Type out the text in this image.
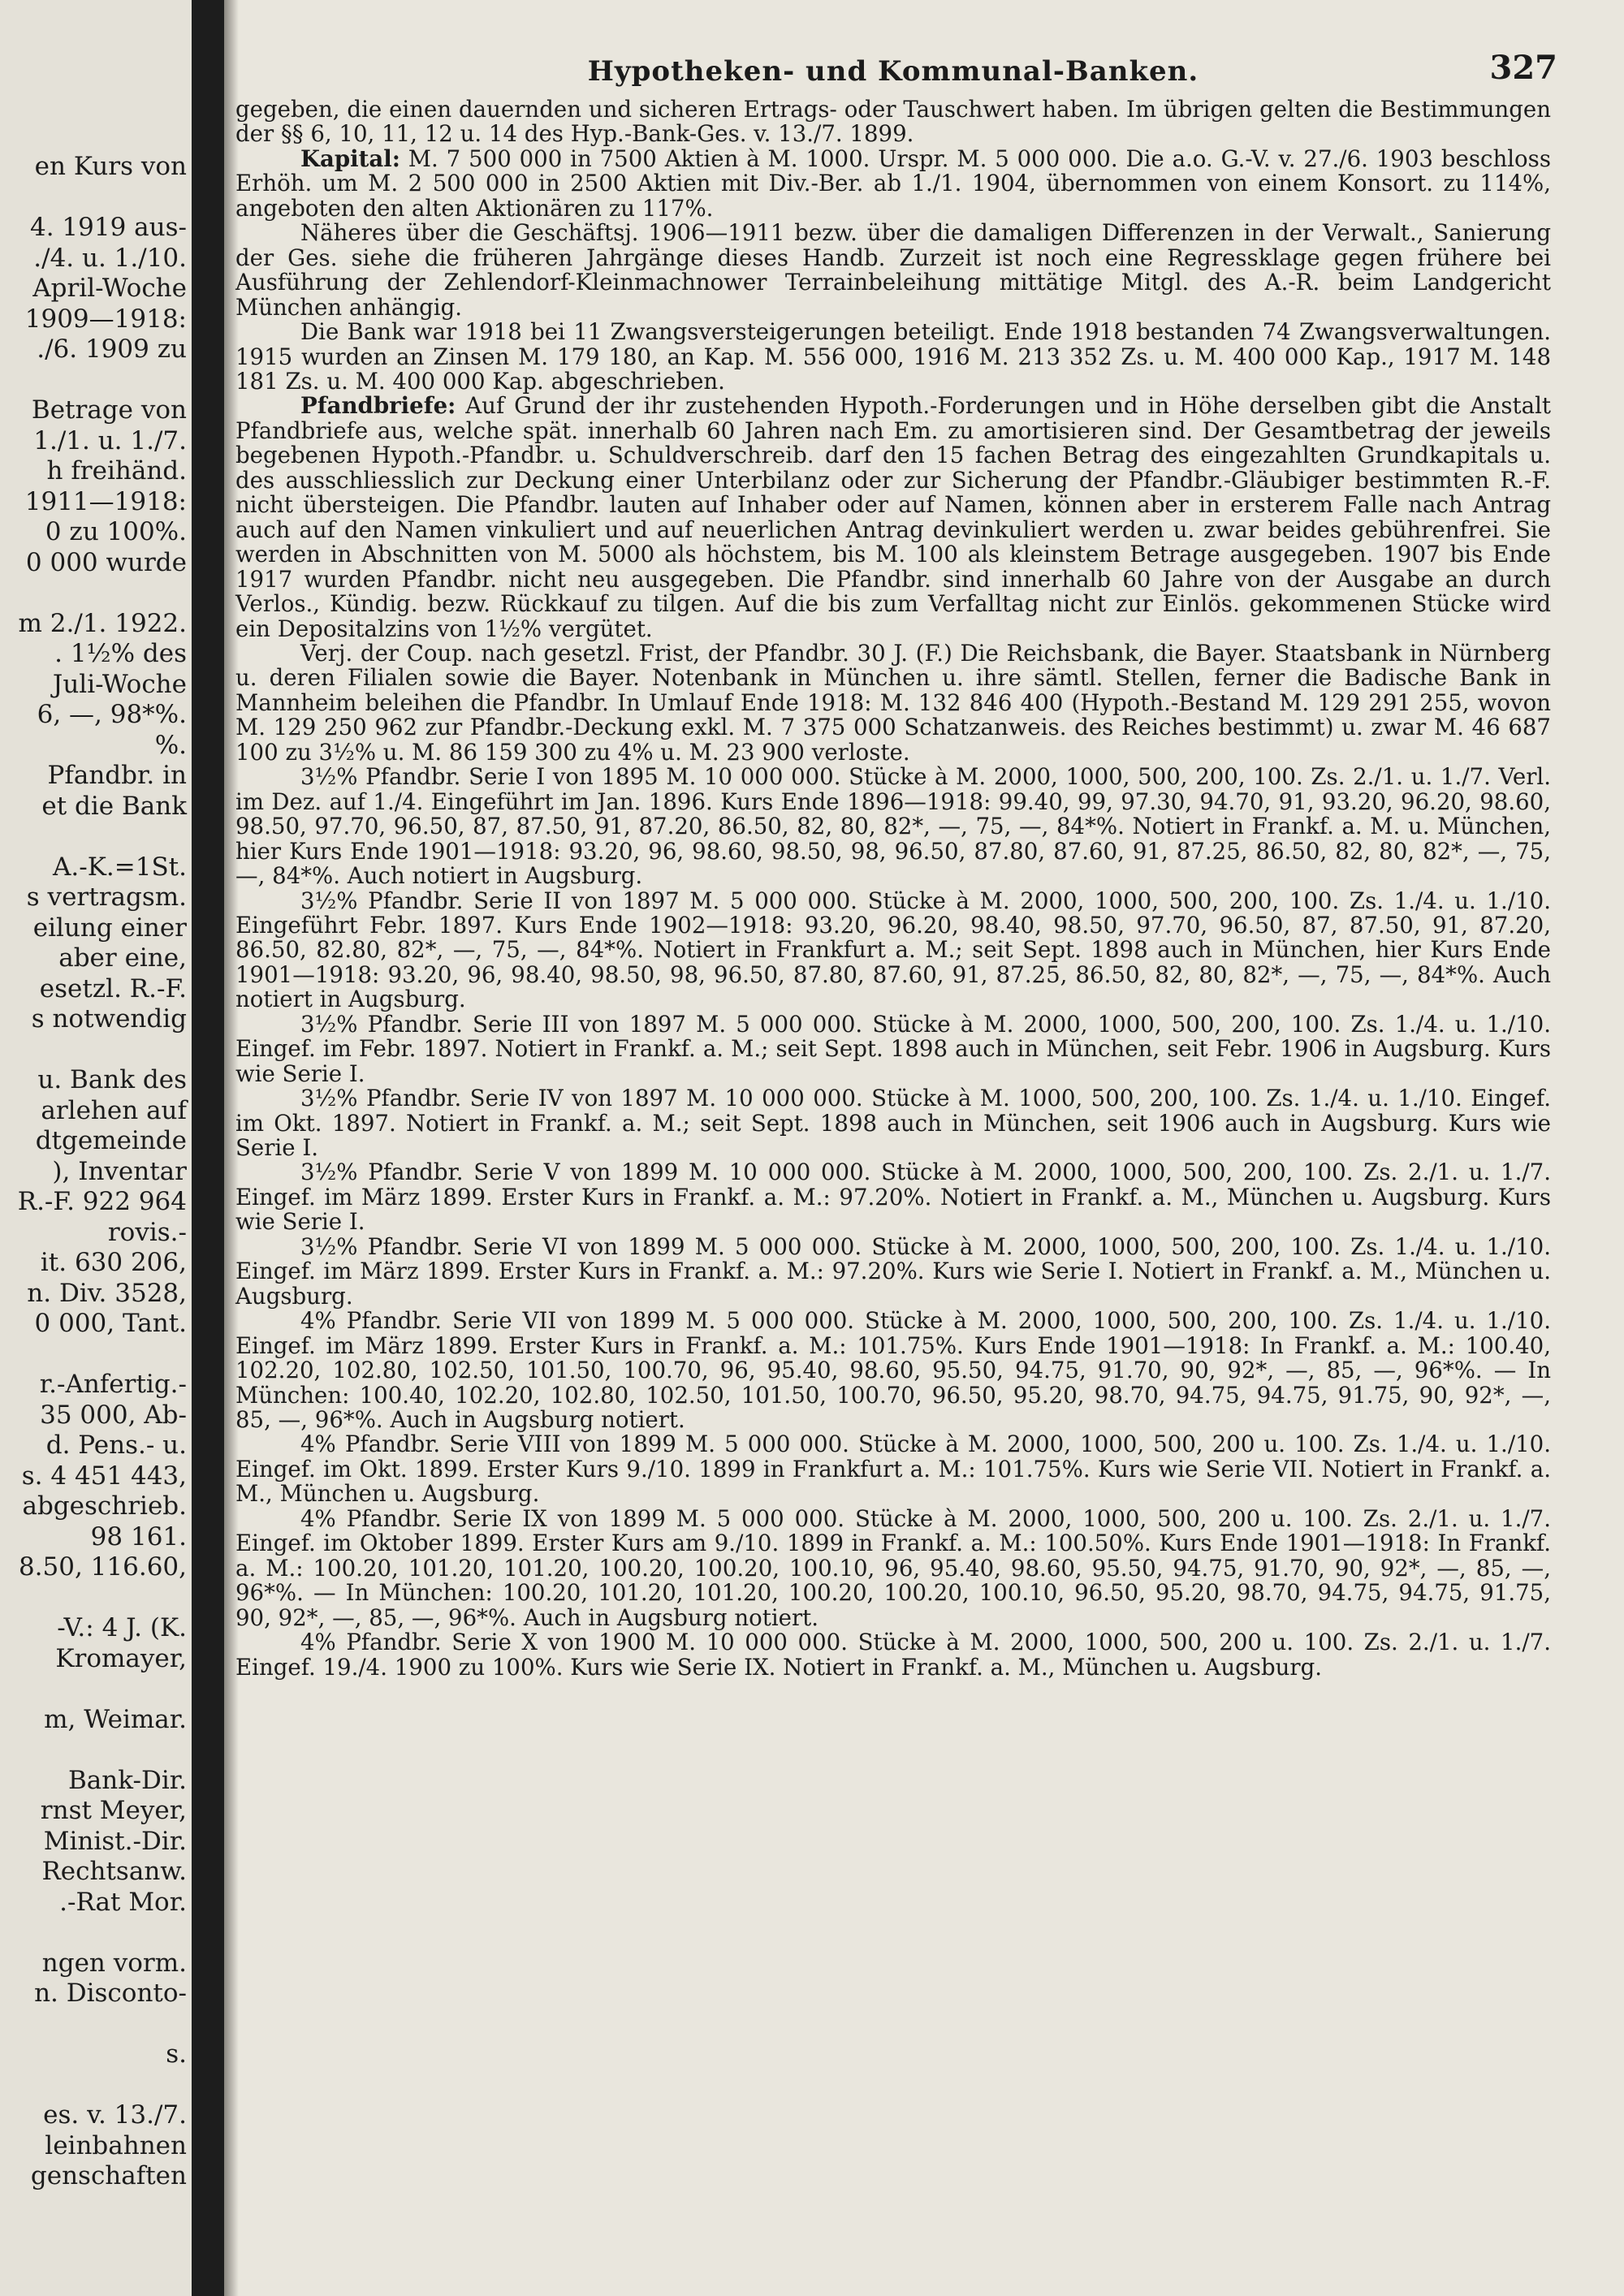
en Kurs von
4. 1919 aus-
./4. u. 1./10.
April-Woche
1909—1918:
./6. 1909 zu
Betrage von
1./1. u. 1./7.
h freihänd.
1911—1918:
0 zu 100%.
0 000 wurde
m 2./1. 1922.
. 1½% des
Juli-Woche
6, —, 98*%.
%.
Pfandbr. in
et die Bank
A.-K.=1St.
s vertragsm.
eilung einer
aber eine,
esetzl. R.-F.
s notwendig
u. Bank des
arlehen auf
dtgemeinde
), Inventar
R.-F. 922 964
rovis.-
it. 630 206,
n. Div. 3528,
0 000, Tant.
r.-Anfertig.-
35 000, Ab-
d. Pens.- u.
s. 4 451 443,
abgeschrieb.
98 161.
8.50, 116.60,
-V.: 4 J. (K.
Kromayer,
m, Weimar.
Bank-Dir.
rnst Meyer,
Minist.-Dir.
Rechtsanw.
.-Rat Mor.
ngen vorm.
n. Disconto-
s.
es. v. 13./7.
leinbahnen
genschaften
Hypotheken- und Kommunal-Banken.	327

gegeben, die einen dauernden und sicheren Ertrags- oder Tauschwert haben. Im übrigen gelten die Bestimmungen der §§ 6, 10, 11, 12 u. 14 des Hyp.-Bank-Ges. v. 13./7. 1899.

Kapital: M. 7 500 000 in 7500 Aktien à M. 1000. Urspr. M. 5 000 000. Die a.o. G.-V. v. 27./6. 1903 beschloss Erhöh. um M. 2 500 000 in 2500 Aktien mit Div.-Ber. ab 1./1. 1904, übernommen von einem Konsort. zu 114%, angeboten den alten Aktionären zu 117%.

Näheres über die Geschäftsj. 1906—1911 bezw. über die damaligen Differenzen in der Verwalt., Sanierung der Ges. siehe die früheren Jahrgänge dieses Handb. Zurzeit ist noch eine Regressklage gegen frühere bei Ausführung der Zehlendorf-Kleinmachnower Terrainbeleihung mittätige Mitgl. des A.-R. beim Landgericht München anhängig.

Die Bank war 1918 bei 11 Zwangsversteigerungen beteiligt. Ende 1918 bestanden 74 Zwangsverwaltungen. 1915 wurden an Zinsen M. 179 180, an Kap. M. 556 000, 1916 M. 213 352 Zs. u. M. 400 000 Kap., 1917 M. 148 181 Zs. u. M. 400 000 Kap. abgeschrieben.

Pfandbriefe: Auf Grund der ihr zustehenden Hypoth.-Forderungen und in Höhe derselben gibt die Anstalt Pfandbriefe aus, welche spät. innerhalb 60 Jahren nach Em. zu amortisieren sind. Der Gesamtbetrag der jeweils begebenen Hypoth.-Pfandbr. u. Schuldverschreib. darf den 15 fachen Betrag des eingezahlten Grundkapitals u. des ausschliesslich zur Deckung einer Unterbilanz oder zur Sicherung der Pfandbr.-Gläubiger bestimmten R.-F. nicht übersteigen. Die Pfandbr. lauten auf Inhaber oder auf Namen, können aber in ersterem Falle nach Antrag auch auf den Namen vinkuliert und auf neuerlichen Antrag devinkuliert werden u. zwar beides gebührenfrei. Sie werden in Abschnitten von M. 5000 als höchstem, bis M. 100 als kleinstem Betrage ausgegeben. 1907 bis Ende 1917 wurden Pfandbr. nicht neu ausgegeben. Die Pfandbr. sind innerhalb 60 Jahre von der Ausgabe an durch Verlos., Kündig. bezw. Rückkauf zu tilgen. Auf die bis zum Verfalltag nicht zur Einlös. gekommenen Stücke wird ein Depositalzins von 1½% vergütet.

Verj. der Coup. nach gesetzl. Frist, der Pfandbr. 30 J. (F.) Die Reichsbank, die Bayer. Staatsbank in Nürnberg u. deren Filialen sowie die Bayer. Notenbank in München u. ihre sämtl. Stellen, ferner die Badische Bank in Mannheim beleihen die Pfandbr. In Umlauf Ende 1918: M. 132 846 400 (Hypoth.-Bestand M. 129 291 255, wovon M. 129 250 962 zur Pfandbr.-Deckung exkl. M. 7 375 000 Schatzanweis. des Reiches bestimmt) u. zwar M. 46 687 100 zu 3½% u. M. 86 159 300 zu 4% u. M. 23 900 verloste.

3½% Pfandbr. Serie I von 1895 M. 10 000 000. Stücke à M. 2000, 1000, 500, 200, 100. Zs. 2./1. u. 1./7. Verl. im Dez. auf 1./4. Eingeführt im Jan. 1896. Kurs Ende 1896—1918: 99.40, 99, 97.30, 94.70, 91, 93.20, 96.20, 98.60, 98.50, 97.70, 96.50, 87, 87.50, 91, 87.20, 86.50, 82, 80, 82*, —, 75, —, 84*%. Notiert in Frankf. a. M. u. München, hier Kurs Ende 1901—1918: 93.20, 96, 98.60, 98.50, 98, 96.50, 87.80, 87.60, 91, 87.25, 86.50, 82, 80, 82*, —, 75, —, 84*%. Auch notiert in Augsburg.

3½% Pfandbr. Serie II von 1897 M. 5 000 000. Stücke à M. 2000, 1000, 500, 200, 100. Zs. 1./4. u. 1./10. Eingeführt Febr. 1897. Kurs Ende 1902—1918: 93.20, 96.20, 98.40, 98.50, 97.70, 96.50, 87, 87.50, 91, 87.20, 86.50, 82.80, 82*, —, 75, —, 84*%. Notiert in Frankfurt a. M.; seit Sept. 1898 auch in München, hier Kurs Ende 1901—1918: 93.20, 96, 98.40, 98.50, 98, 96.50, 87.80, 87.60, 91, 87.25, 86.50, 82, 80, 82*, —, 75, —, 84*%. Auch notiert in Augsburg.

3½% Pfandbr. Serie III von 1897 M. 5 000 000. Stücke à M. 2000, 1000, 500, 200, 100. Zs. 1./4. u. 1./10. Eingef. im Febr. 1897. Notiert in Frankf. a. M.; seit Sept. 1898 auch in München, seit Febr. 1906 in Augsburg. Kurs wie Serie I.

3½% Pfandbr. Serie IV von 1897 M. 10 000 000. Stücke à M. 1000, 500, 200, 100. Zs. 1./4. u. 1./10. Eingef. im Okt. 1897. Notiert in Frankf. a. M.; seit Sept. 1898 auch in München, seit 1906 auch in Augsburg. Kurs wie Serie I.

3½% Pfandbr. Serie V von 1899 M. 10 000 000. Stücke à M. 2000, 1000, 500, 200, 100. Zs. 2./1. u. 1./7. Eingef. im März 1899. Erster Kurs in Frankf. a. M.: 97.20%. Notiert in Frankf. a. M., München u. Augsburg. Kurs wie Serie I.

3½% Pfandbr. Serie VI von 1899 M. 5 000 000. Stücke à M. 2000, 1000, 500, 200, 100. Zs. 1./4. u. 1./10. Eingef. im März 1899. Erster Kurs in Frankf. a. M.: 97.20%. Kurs wie Serie I. Notiert in Frankf. a. M., München u. Augsburg.

4% Pfandbr. Serie VII von 1899 M. 5 000 000. Stücke à M. 2000, 1000, 500, 200, 100. Zs. 1./4. u. 1./10. Eingef. im März 1899. Erster Kurs in Frankf. a. M.: 101.75%. Kurs Ende 1901—1918: In Frankf. a. M.: 100.40, 102.20, 102.80, 102.50, 101.50, 100.70, 96, 95.40, 98.60, 95.50, 94.75, 91.70, 90, 92*, —, 85, —, 96*%. — In München: 100.40, 102.20, 102.80, 102.50, 101.50, 100.70, 96.50, 95.20, 98.70, 94.75, 94.75, 91.75, 90, 92*, —, 85, —, 96*%. Auch in Augsburg notiert.

4% Pfandbr. Serie VIII von 1899 M. 5 000 000. Stücke à M. 2000, 1000, 500, 200 u. 100. Zs. 1./4. u. 1./10. Eingef. im Okt. 1899. Erster Kurs 9./10. 1899 in Frankfurt a. M.: 101.75%. Kurs wie Serie VII. Notiert in Frankf. a. M., München u. Augsburg.

4% Pfandbr. Serie IX von 1899 M. 5 000 000. Stücke à M. 2000, 1000, 500, 200 u. 100. Zs. 2./1. u. 1./7. Eingef. im Oktober 1899. Erster Kurs am 9./10. 1899 in Frankf. a. M.: 100.50%. Kurs Ende 1901—1918: In Frankf. a. M.: 100.20, 101.20, 101.20, 100.20, 100.20, 100.10, 96, 95.40, 98.60, 95.50, 94.75, 91.70, 90, 92*, —, 85, —, 96*%. — In München: 100.20, 101.20, 101.20, 100.20, 100.20, 100.10, 96.50, 95.20, 98.70, 94.75, 94.75, 91.75, 90, 92*, —, 85, —, 96*%. Auch in Augsburg notiert.

4% Pfandbr. Serie X von 1900 M. 10 000 000. Stücke à M. 2000, 1000, 500, 200 u. 100. Zs. 2./1. u. 1./7. Eingef. 19./4. 1900 zu 100%. Kurs wie Serie IX. Notiert in Frankf. a. M., München u. Augsburg.
